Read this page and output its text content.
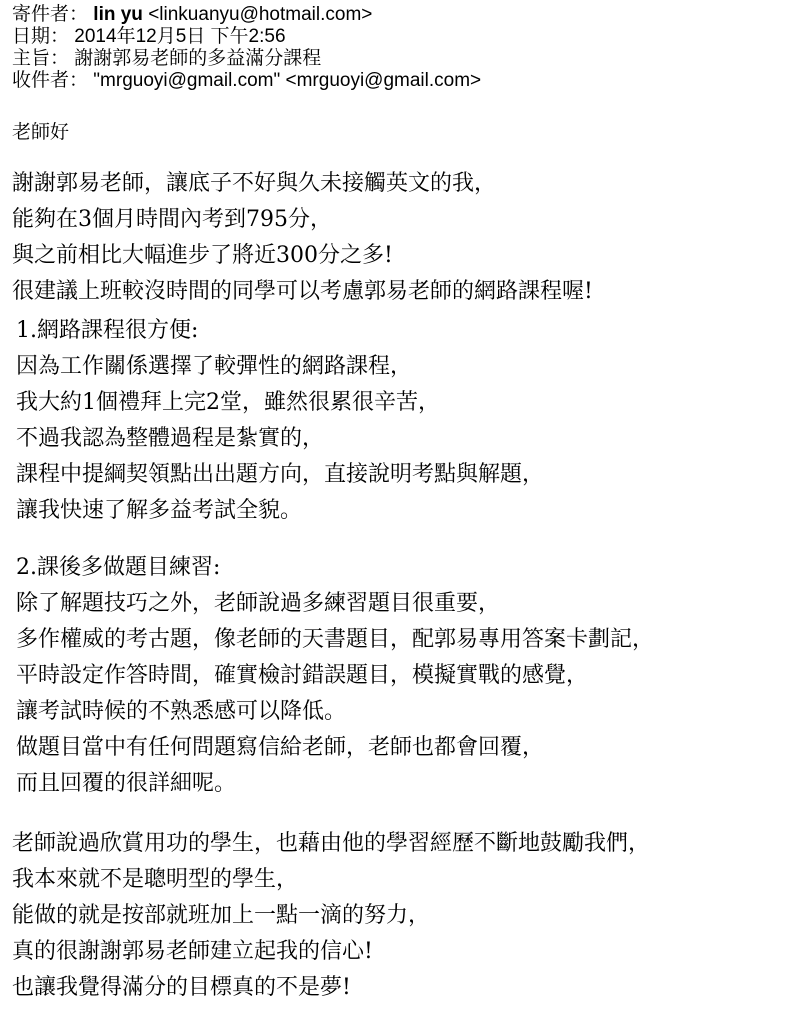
寄件者： lin yu <linkuanyu@hotmail.com>
日期： 2014年12月5日 下午2:56
主旨： 謝謝郭易老師的多益滿分課程
收件者： "mrguoyi@gmail.com" <mrguoyi@gmail.com>
老師好
謝謝郭易老師，讓底子不好與久未接觸英文的我，
能夠在3個月時間內考到795分，
與之前相比大幅進步了將近300分之多!
很建議上班較沒時間的同學可以考慮郭易老師的網路課程喔!
1.網路課程很方便:
因為工作關係選擇了較彈性的網路課程，
我大約1個禮拜上完2堂，雖然很累很辛苦，
不過我認為整體過程是紮實的，
課程中提綱契領點出出題方向，直接說明考點與解題，
讓我快速了解多益考試全貌。
2.課後多做題目練習:
除了解題技巧之外，老師說過多練習題目很重要，
多作權威的考古題，像老師的天書題目，配郭易專用答案卡劃記，
平時設定作答時間，確實檢討錯誤題目，模擬實戰的感覺，
讓考試時候的不熟悉感可以降低。
做題目當中有任何問題寫信給老師，老師也都會回覆，
而且回覆的很詳細呢。
老師說過欣賞用功的學生，也藉由他的學習經歷不斷地鼓勵我們，
我本來就不是聰明型的學生，
能做的就是按部就班加上一點一滴的努力，
真的很謝謝郭易老師建立起我的信心!
也讓我覺得滿分的目標真的不是夢!
